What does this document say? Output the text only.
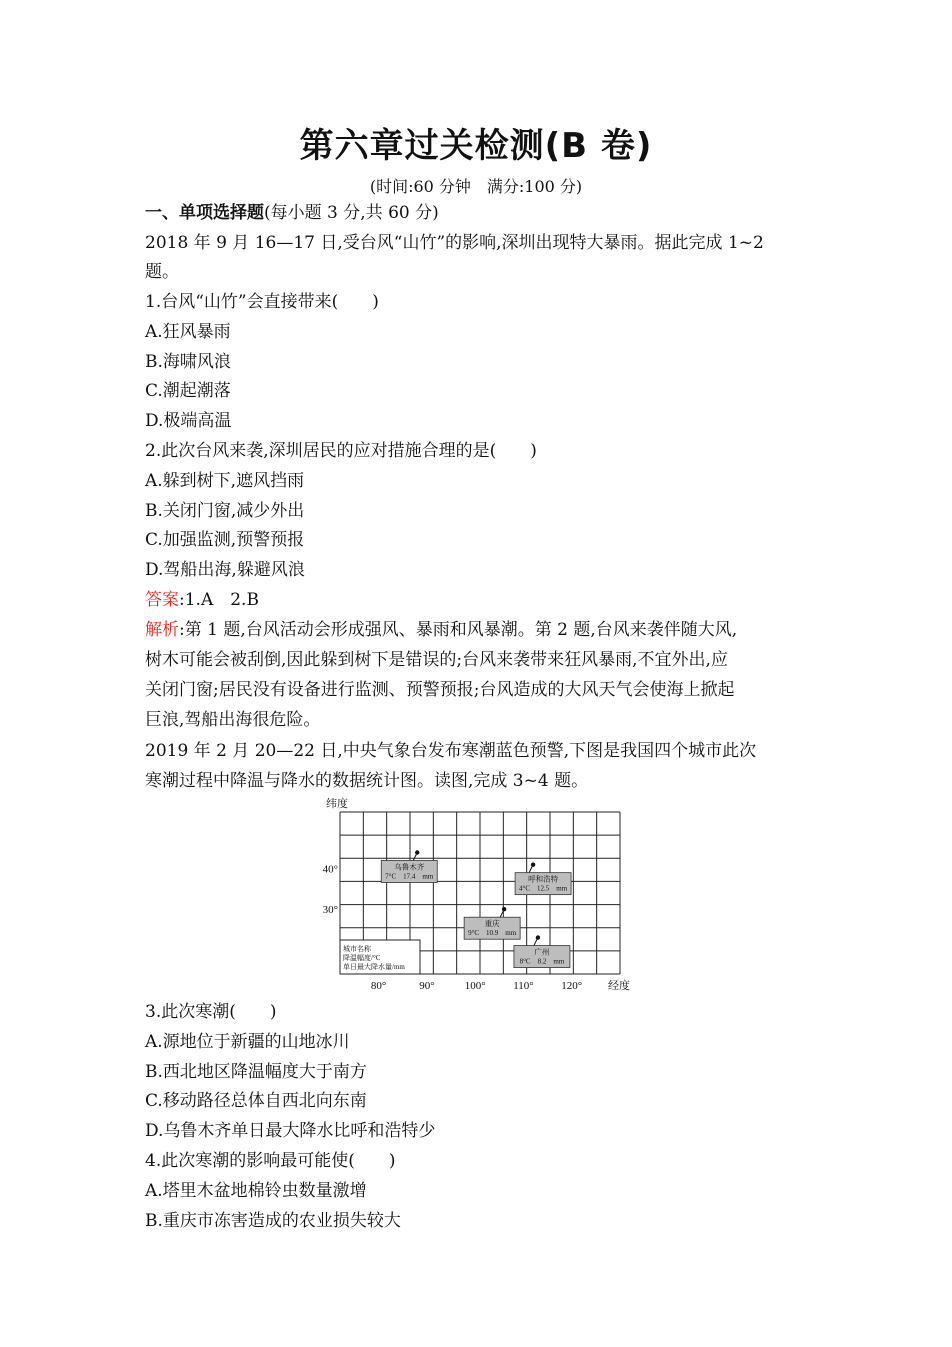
第六章过关检测(B 卷)
(时间:60 分钟　满分:100 分)
一、单项选择题(每小题 3 分,共 60 分)
2018 年 9 月 16—17 日,受台风“山竹”的影响,深圳出现特大暴雨。据此完成 1~2
题。
1.台风“山竹”会直接带来(　　)
A.狂风暴雨
B.海啸风浪
C.潮起潮落
D.极端高温
2.此次台风来袭,深圳居民的应对措施合理的是(　　)
A.躲到树下,遮风挡雨
B.关闭门窗,减少外出
C.加强监测,预警预报
D.驾船出海,躲避风浪
答案:1.A　2.B
解析:第 1 题,台风活动会形成强风、暴雨和风暴潮。第 2 题,台风来袭伴随大风,
树木可能会被刮倒,因此躲到树下是错误的;台风来袭带来狂风暴雨,不宜外出,应
关闭门窗;居民没有设备进行监测、预警预报;台风造成的大风天气会使海上掀起
巨浪,驾船出海很危险。
2019 年 2 月 20—22 日,中央气象台发布寒潮蓝色预警,下图是我国四个城市此次
寒潮过程中降温与降水的数据统计图。读图,完成 3~4 题。
纬度
经度
80°	90°	100°	110°	120°
40°
30°
城市名称
降温幅度/°C
单日最大降水量/mm
乌鲁木齐
7°C　17.4　mm	呼和浩特
4°C　12.5　mm
重庆
9°C　10.9　mm
广州
8°C　8.2　mm
3.此次寒潮(　　)
A.源地位于新疆的山地冰川
B.西北地区降温幅度大于南方
C.移动路径总体自西北向东南
D.乌鲁木齐单日最大降水比呼和浩特少
4.此次寒潮的影响最可能使(　　)
A.塔里木盆地棉铃虫数量激增
B.重庆市冻害造成的农业损失较大
